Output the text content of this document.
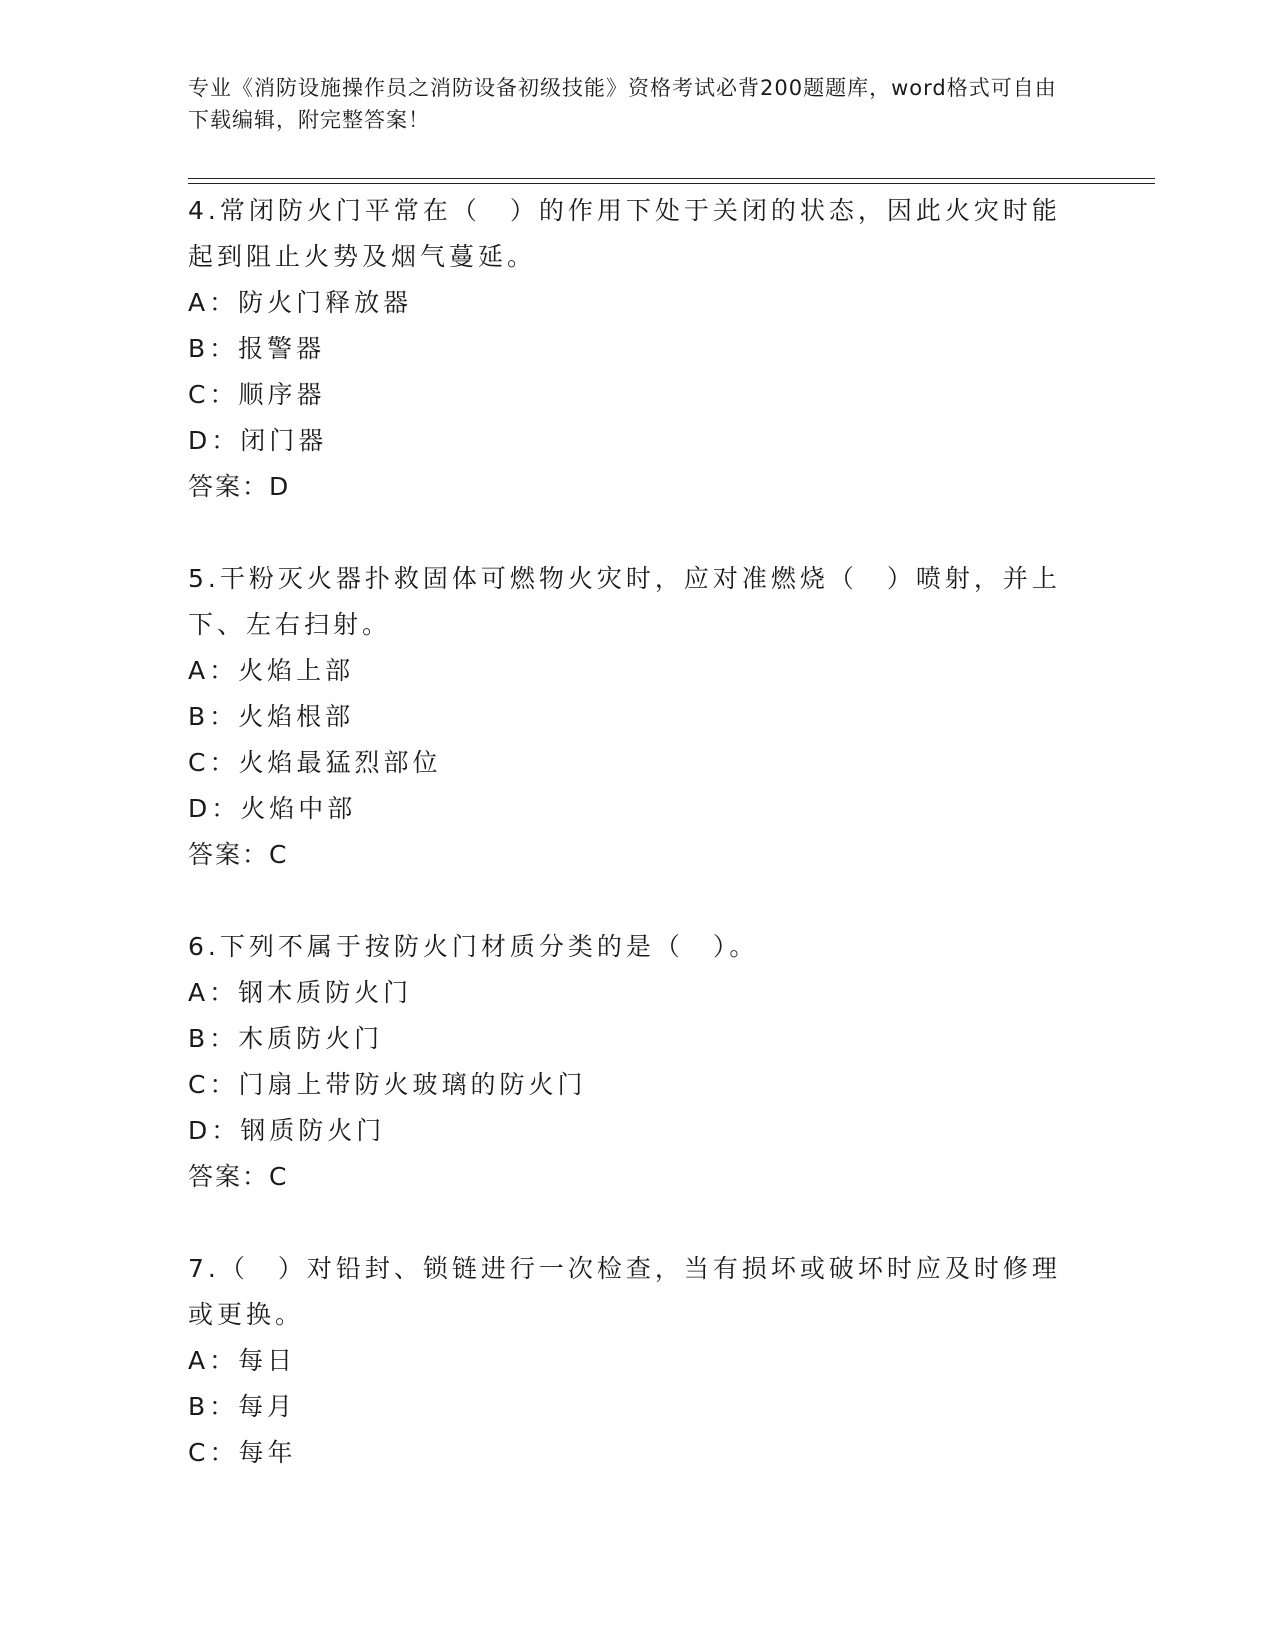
专业《消防设施操作员之消防设备初级技能》资格考试必背200题题库，word格式可自由下载编辑，附完整答案！

4.常闭防火门平常在（　）的作用下处于关闭的状态，因此火灾时能起到阻止火势及烟气蔓延。

A：防火门释放器

B：报警器

C：顺序器

D：闭门器

答案：D

5.干粉灭火器扑救固体可燃物火灾时，应对准燃烧（　）喷射，并上下、左右扫射。

A：火焰上部

B：火焰根部

C：火焰最猛烈部位

D：火焰中部

答案：C

6.下列不属于按防火门材质分类的是（　）。

A：钢木质防火门

B：木质防火门

C：门扇上带防火玻璃的防火门

D：钢质防火门

答案：C

7.（　）对铅封、锁链进行一次检查，当有损坏或破坏时应及时修理或更换。

A：每日

B：每月

C：每年
